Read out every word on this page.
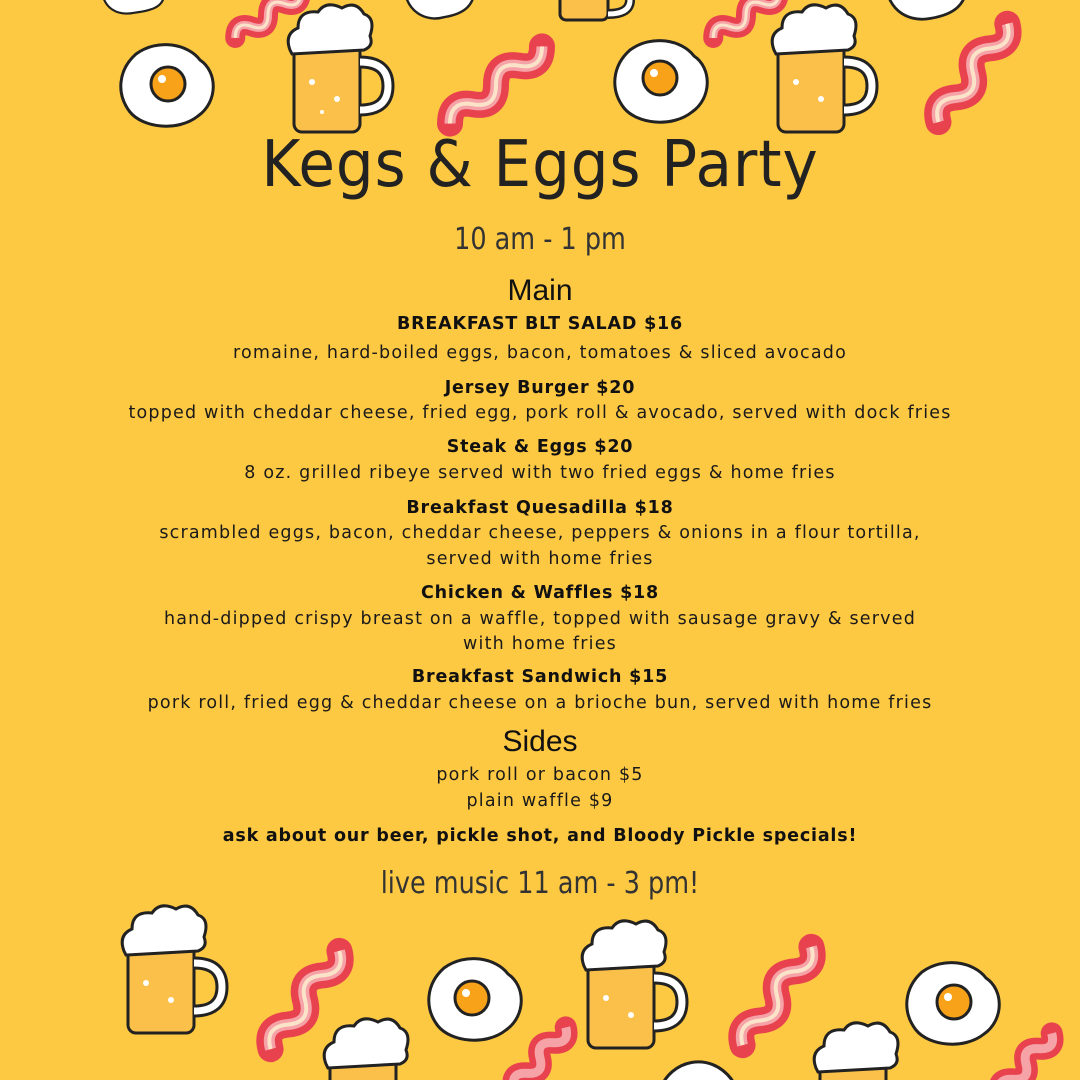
Kegs & Eggs Party
10 am - 1 pm
Main
BREAKFAST BLT SALAD $16
romaine, hard-boiled eggs, bacon, tomatoes & sliced avocado
Jersey Burger $20
topped with cheddar cheese, fried egg, pork roll & avocado, served with dock fries
Steak & Eggs $20
8 oz. grilled ribeye served with two fried eggs & home fries
Breakfast Quesadilla $18
scrambled eggs, bacon, cheddar cheese, peppers & onions in a flour tortilla,
served with home fries
Chicken & Waffles $18
hand-dipped crispy breast on a waffle, topped with sausage gravy & served
with home fries
Breakfast Sandwich $15
pork roll, fried egg & cheddar cheese on a brioche bun, served with home fries
Sides
pork roll or bacon $5
plain waffle $9
ask about our beer, pickle shot, and Bloody Pickle specials!
live music 11 am - 3 pm!
